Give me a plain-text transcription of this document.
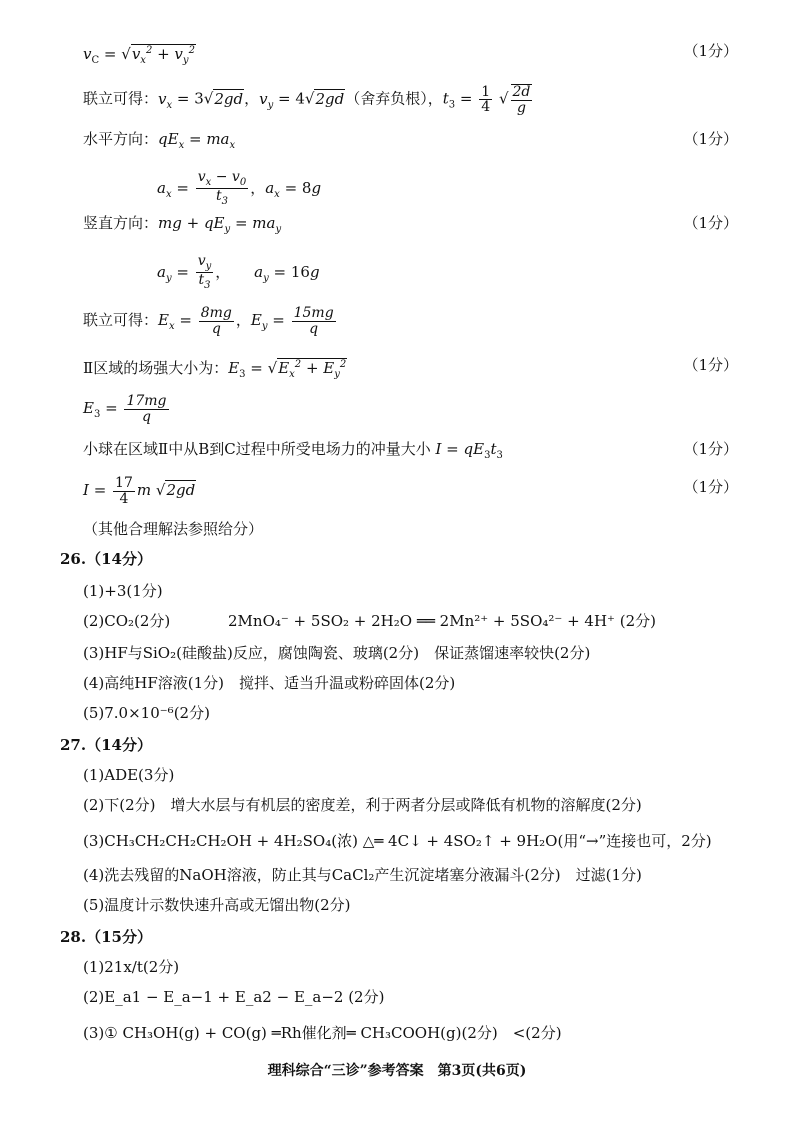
$v_C = √v_x^2 + v_y^2$	（1分）
联立可得：$v_x = 3√2gd$，$v_y = 4√2gd$（舍弃负根），$t_3 = \frac{1}{4}$ √ $\frac{2d}{g}$
水平方向：$qE_x = ma_x$	（1分）
$a_x = \frac{v_x - v_0}{t_3}$ ，$a_x = 8g$
竖直方向：mg + $qE_y = ma_y$	（1分）
$a_y = \frac{v_y}{t_3}$ ，     $a_y = 16g$
联立可得：$E_x = \frac{8mg}{q}$ ，$E_y = \frac{15mg}{q}$
Ⅱ区域的场强大小为：$E_3 = √E_x^2 + E_y^2$	（1分）
$E_3 = \frac{17mg}{q}$
小球在区域Ⅱ中从B到C过程中所受电场力的冲量大小 $I = qE_3t_3$	（1分）
$I = \frac{17}{4}$ m √2gd	（1分）
（其他合理解法参照给分）
26.（14分）
(1)+3(1分)
(2)CO₂(2分)	2MnO₄⁻ + 5SO₂ + 2H₂O ══ 2Mn²⁺ + 5SO₄²⁻ + 4H⁺ (2分)
(3)HF与SiO₂(硅酸盐)反应，腐蚀陶瓷、玻璃(2分)　保证蒸馏速率较快(2分)
(4)高纯HF溶液(1分)　搅拌、适当升温或粉碎固体(2分)
(5)7.0×10⁻⁶(2分)
27.（14分）
(1)ADE(3分)
(2)下(2分)　增大水层与有机层的密度差，利于两者分层或降低有机物的溶解度(2分)
(3)CH₃CH₂CH₂CH₂OH + 4H₂SO₄(浓) △═ 4C↓ + 4SO₂↑ + 9H₂O(用“→”连接也可，2分)
(4)洗去残留的NaOH溶液，防止其与CaCl₂产生沉淀堵塞分液漏斗(2分)　过滤(1分)
(5)温度计示数快速升高或无馏出物(2分)
28.（15分）
(1)21x/t(2分)
(2)E_a1 − E_a−1 + E_a2 − E_a−2 (2分)
(3)① CH₃OH(g) + CO(g) ═Rh催化剂═ CH₃COOH(g)(2分)　<(2分)
理科综合“三诊”参考答案　第3页(共6页)
